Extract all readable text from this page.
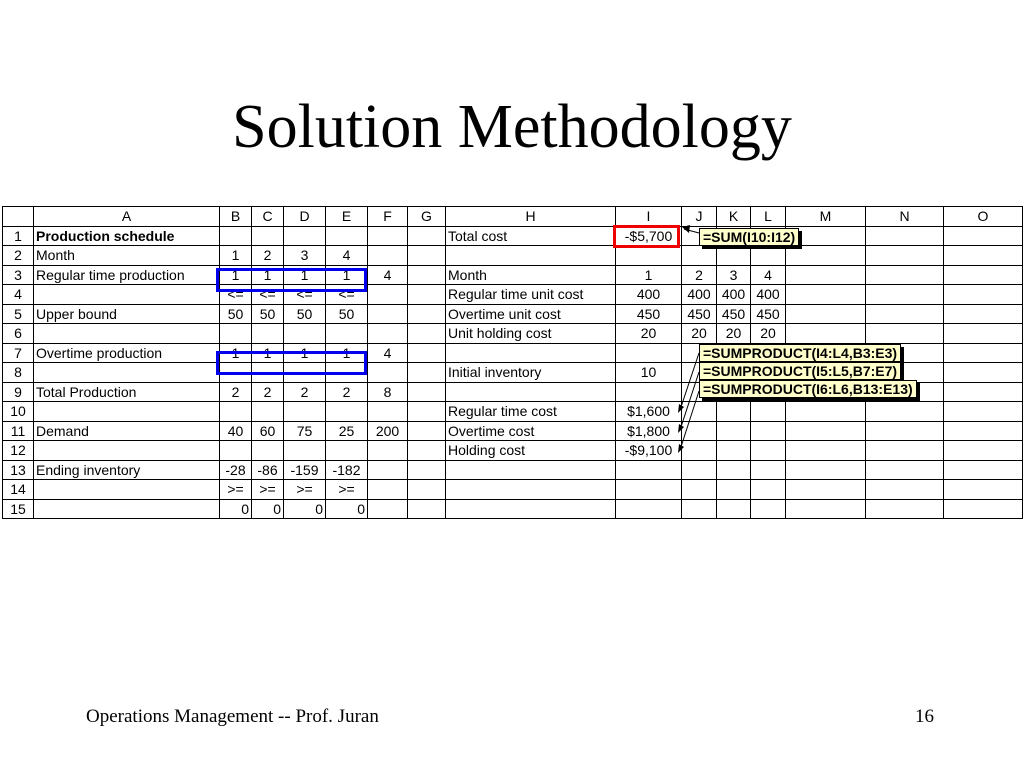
Solution Methodology
	A	B	C	D	E	F	G	H	I	J	K	L	M	N	O
1	Production schedule							Total cost	-$5,700						
2	Month	1	2	3	4										
3	Regular time production	1	1	1	1	4		Month	1	2	3	4			
4		<=	<=	<=	<=			Regular time unit cost	400	400	400	400			
5	Upper bound	50	50	50	50			Overtime unit cost	450	450	450	450			
6								Unit holding cost	20	20	20	20			
7	Overtime production	1	1	1	1	4									
8								Initial inventory	10						
9	Total Production	2	2	2	2	8									
10								Regular time cost	$1,600						
11	Demand	40	60	75	25	200		Overtime cost	$1,800						
12								Holding cost	-$9,100						
13	Ending inventory	-28	-86	-159	-182										
14		>=	>=	>=	>=										
15		0	0	0	0										
=SUM(I10:I12)
=SUMPRODUCT(I4:L4,B3:E3)
=SUMPRODUCT(I5:L5,B7:E7)
=SUMPRODUCT(I6:L6,B13:E13)
Operations Management -- Prof. Juran	16
